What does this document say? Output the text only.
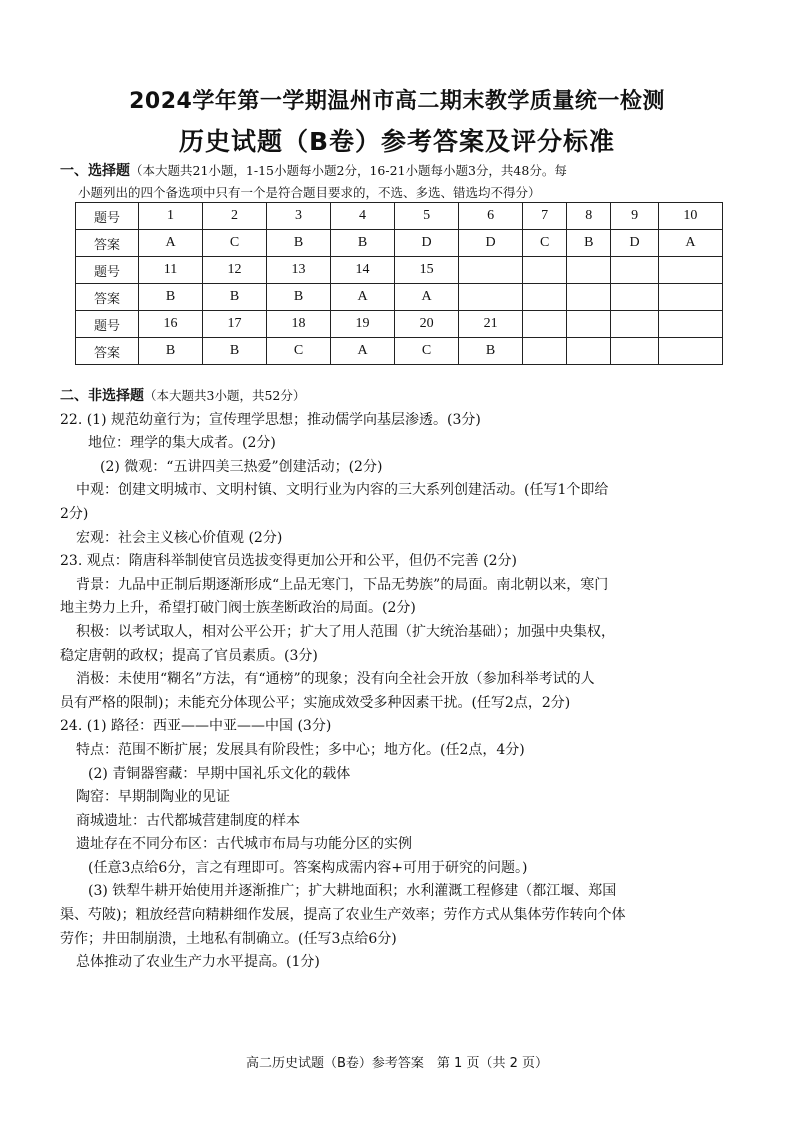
2024学年第一学期温州市高二期末教学质量统一检测
历史试题（B卷）参考答案及评分标准
一、选择题（本大题共21小题，1-15小题每小题2分，16-21小题每小题3分，共48分。每
小题列出的四个备选项中只有一个是符合题目要求的，不选、多选、错选均不得分）
题号	1	2	3	4	5	6	7	8	9	10
答案	A	C	B	B	D	D	C	B	D	A
题号	11	12	13	14	15					
答案	B	B	B	A	A					
题号	16	17	18	19	20	21				
答案	B	B	C	A	C	B				

二、非选择题（本大题共3小题，共52分）

22. (1) 规范幼童行为；宣传理学思想；推动儒学向基层渗透。(3分)

地位：理学的集大成者。(2分)

(2) 微观：“五讲四美三热爱”创建活动；(2分)

中观：创建文明城市、文明村镇、文明行业为内容的三大系列创建活动。(任写1个即给

2分)

宏观：社会主义核心价值观 (2分)

23. 观点：隋唐科举制使官员选拔变得更加公开和公平，但仍不完善 (2分)

背景：九品中正制后期逐渐形成“上品无寒门，下品无势族”的局面。南北朝以来，寒门

地主势力上升，希望打破门阀士族垄断政治的局面。(2分)

积极：以考试取人，相对公平公开；扩大了用人范围（扩大统治基础）；加强中央集权，

稳定唐朝的政权；提高了官员素质。(3分)

消极：未使用“糊名”方法，有“通榜”的现象；没有向全社会开放（参加科举考试的人

员有严格的限制)；未能充分体现公平；实施成效受多种因素干扰。(任写2点，2分)

24. (1) 路径：西亚——中亚——中国 (3分)

特点：范围不断扩展；发展具有阶段性；多中心；地方化。(任2点，4分)

(2) 青铜器窖藏：早期中国礼乐文化的载体

陶窑：早期制陶业的见证

商城遗址：古代都城营建制度的样本

遗址存在不同分布区：古代城市布局与功能分区的实例

(任意3点给6分，言之有理即可。答案构成需内容+可用于研究的问题。)

(3) 铁犁牛耕开始使用并逐渐推广；扩大耕地面积；水利灌溉工程修建（都江堰、郑国

渠、芍陂)；粗放经营向精耕细作发展，提高了农业生产效率；劳作方式从集体劳作转向个体

劳作；井田制崩溃，土地私有制确立。(任写3点给6分)

总体推动了农业生产力水平提高。(1分)

高二历史试题（B卷）参考答案　第 1 页（共 2 页）
